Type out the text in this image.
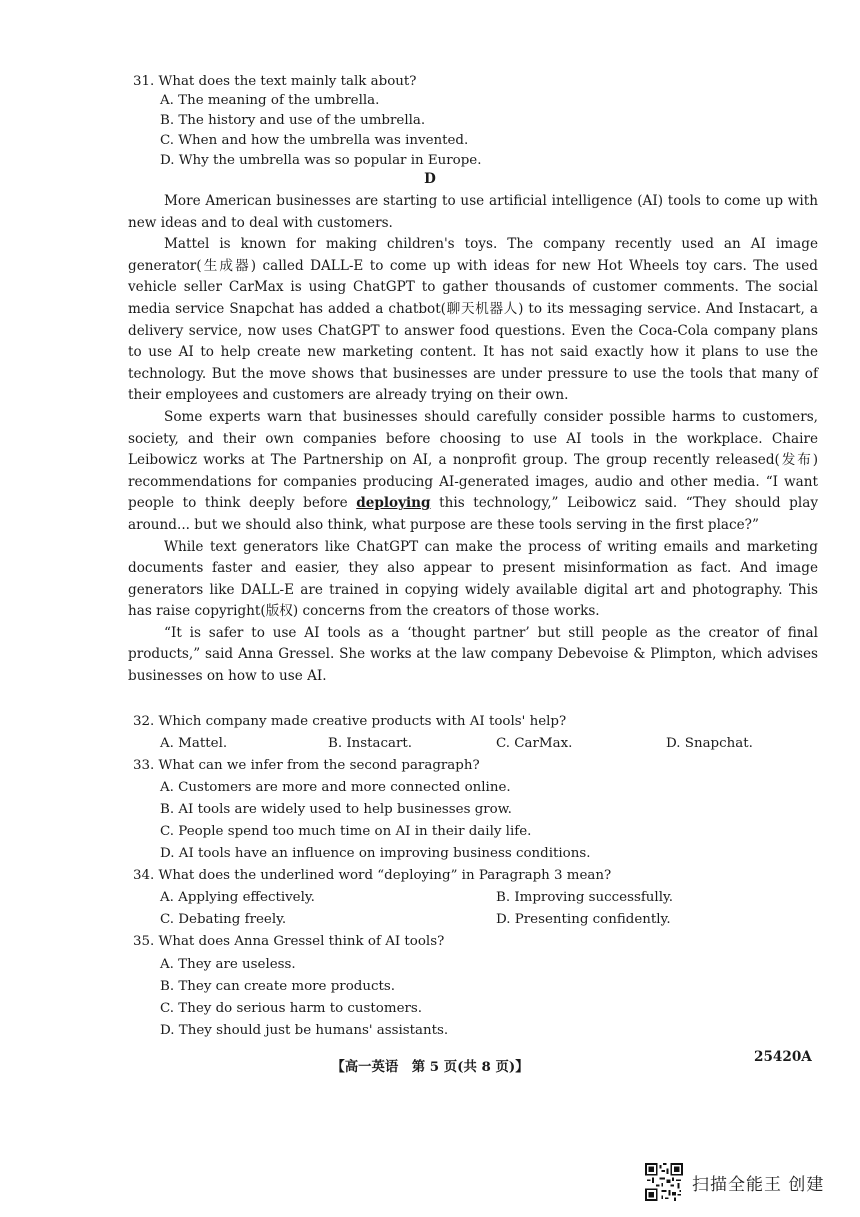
31. What does the text mainly talk about?
A. The meaning of the umbrella.
B. The history and use of the umbrella.
C. When and how the umbrella was invented.
D. Why the umbrella was so popular in Europe.
D

More American businesses are starting to use artificial intelligence (AI) tools to come up with new ideas and to deal with customers.

Mattel is known for making children's toys. The company recently used an AI image generator(生成器) called DALL-E to come up with ideas for new Hot Wheels toy cars. The used vehicle seller CarMax is using ChatGPT to gather thousands of customer comments. The social media service Snapchat has added a chatbot(聊天机器人) to its messaging service. And Instacart, a delivery service, now uses ChatGPT to answer food questions. Even the Coca-Cola company plans to use AI to help create new marketing content. It has not said exactly how it plans to use the technology. But the move shows that businesses are under pressure to use the tools that many of their employees and customers are already trying on their own.

Some experts warn that businesses should carefully consider possible harms to customers, society, and their own companies before choosing to use AI tools in the workplace. Chaire Leibowicz works at The Partnership on AI, a nonprofit group. The group recently released(发布) recommendations for companies producing AI-generated images, audio and other media. “I want people to think deeply before deploying this technology,” Leibowicz said. “They should play around... but we should also think, what purpose are these tools serving in the first place?”

While text generators like ChatGPT can make the process of writing emails and marketing documents faster and easier, they also appear to present misinformation as fact. And image generators like DALL-E are trained in copying widely available digital art and photography. This has raise copyright(版权) concerns from the creators of those works.

“It is safer to use AI tools as a ‘thought partner’ but still people as the creator of final products,” said Anna Gressel. She works at the law company Debevoise & Plimpton, which advises businesses on how to use AI.

32. Which company made creative products with AI tools' help?
A. Mattel.	B. Instacart.	C. CarMax.	D. Snapchat.
33. What can we infer from the second paragraph?
A. Customers are more and more connected online.
B. AI tools are widely used to help businesses grow.
C. People spend too much time on AI in their daily life.
D. AI tools have an influence on improving business conditions.
34. What does the underlined word “deploying” in Paragraph 3 mean?
A. Applying effectively.	B. Improving successfully.
C. Debating freely.	D. Presenting confidently.
35. What does Anna Gressel think of AI tools?
A. They are useless.
B. They can create more products.
C. They do serious harm to customers.
D. They should just be humans' assistants.
【高一英语　第 5 页(共 8 页)】
25420A
扫描全能王 创建
